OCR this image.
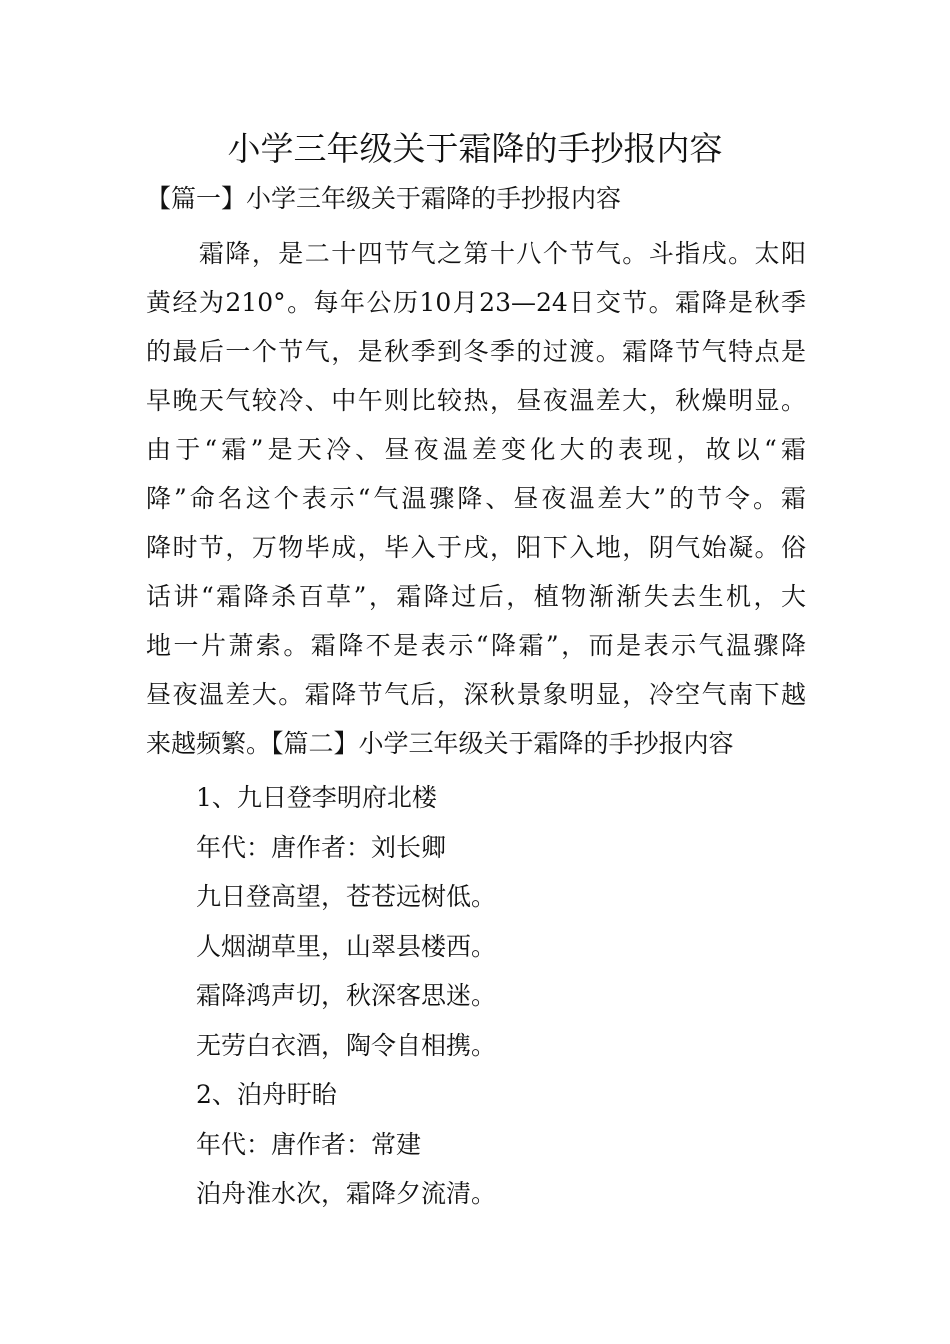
小学三年级关于霜降的手抄报内容
【篇一】小学三年级关于霜降的手抄报内容
　　霜降，是二十四节气之第十八个节气。斗指戌。太阳
黄经为210°。每年公历10月23—24日交节。霜降是秋季
的最后一个节气，是秋季到冬季的过渡。霜降节气特点是
早晚天气较冷、中午则比较热，昼夜温差大，秋燥明显。
由于“霜”是天冷、昼夜温差变化大的表现，故以“霜
降”命名这个表示“气温骤降、昼夜温差大”的节令。霜
降时节，万物毕成，毕入于戌，阳下入地，阴气始凝。俗
话讲“霜降杀百草”，霜降过后，植物渐渐失去生机，大
地一片萧索。霜降不是表示“降霜”，而是表示气温骤降
昼夜温差大。霜降节气后，深秋景象明显，冷空气南下越
来越频繁。【篇二】小学三年级关于霜降的手抄报内容
1、九日登李明府北楼
年代：唐作者：刘长卿
九日登高望，苍苍远树低。
人烟湖草里，山翠县楼西。
霜降鸿声切，秋深客思迷。
无劳白衣酒，陶令自相携。
2、泊舟盱眙
年代：唐作者：常建
泊舟淮水次，霜降夕流清。
